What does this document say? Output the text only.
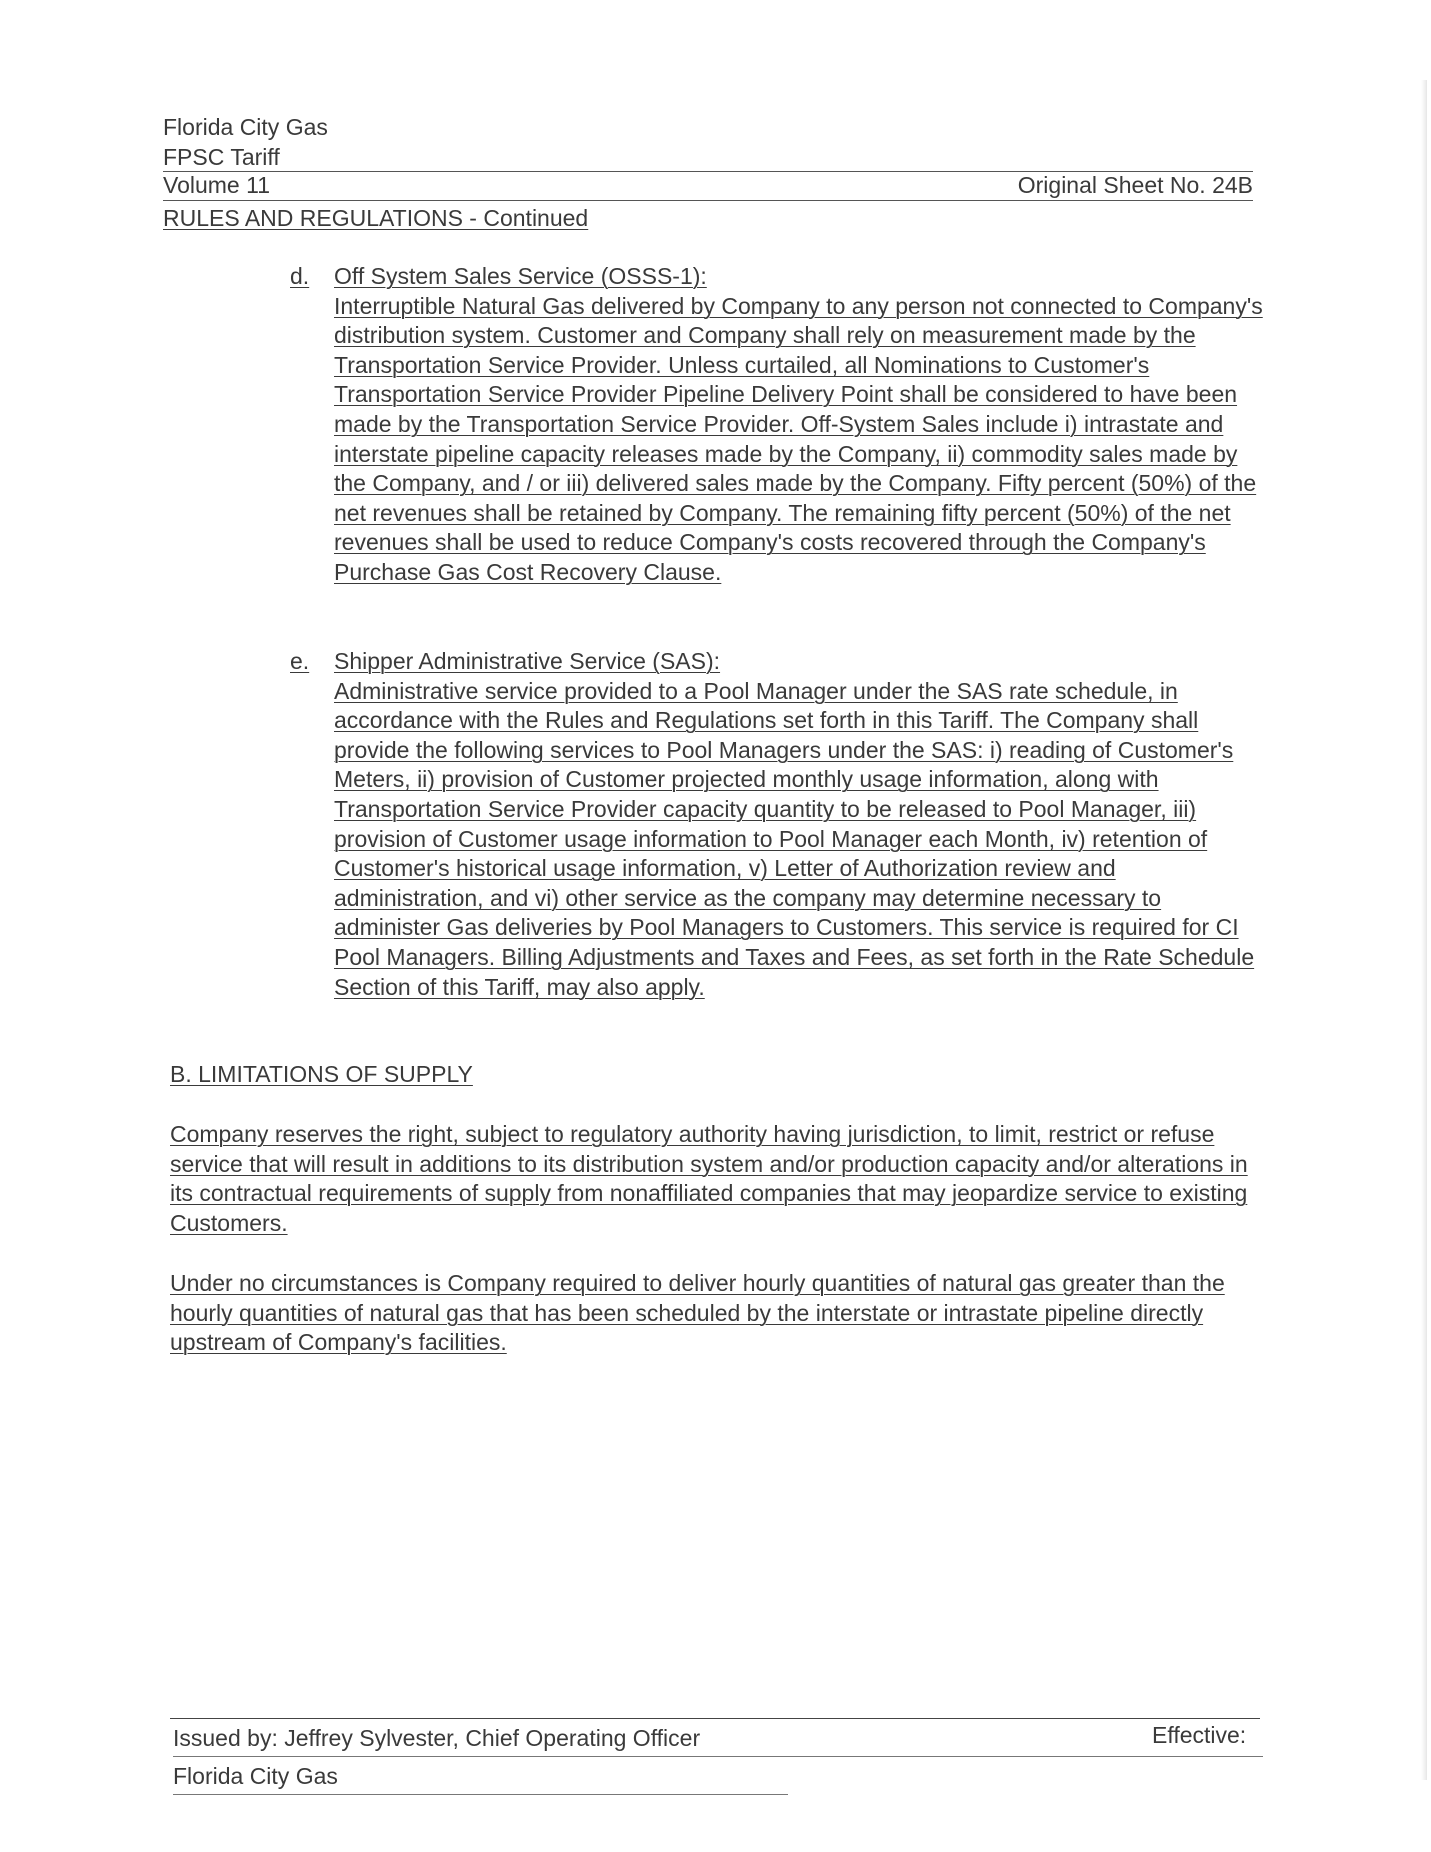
Florida City Gas
FPSC Tariff
Volume 11	Original Sheet No. 24B
RULES AND REGULATIONS - Continued
d. Off System Sales Service (OSSS-1):
Interruptible Natural Gas delivered by Company to any person not connected to Company's distribution system. Customer and Company shall rely on measurement made by the Transportation Service Provider. Unless curtailed, all Nominations to Customer's Transportation Service Provider Pipeline Delivery Point shall be considered to have been made by the Transportation Service Provider. Off-System Sales include i) intrastate and interstate pipeline capacity releases made by the Company, ii) commodity sales made by the Company, and / or iii) delivered sales made by the Company. Fifty percent (50%) of the net revenues shall be retained by Company. The remaining fifty percent (50%) of the net revenues shall be used to reduce Company's costs recovered through the Company's Purchase Gas Cost Recovery Clause.
e. Shipper Administrative Service (SAS):
Administrative service provided to a Pool Manager under the SAS rate schedule, in accordance with the Rules and Regulations set forth in this Tariff. The Company shall provide the following services to Pool Managers under the SAS: i) reading of Customer's Meters, ii) provision of Customer projected monthly usage information, along with Transportation Service Provider capacity quantity to be released to Pool Manager, iii) provision of Customer usage information to Pool Manager each Month, iv) retention of Customer's historical usage information, v) Letter of Authorization review and administration, and vi) other service as the company may determine necessary to administer Gas deliveries by Pool Managers to Customers. This service is required for CI Pool Managers. Billing Adjustments and Taxes and Fees, as set forth in the Rate Schedule Section of this Tariff, may also apply.
B. LIMITATIONS OF SUPPLY
Company reserves the right, subject to regulatory authority having jurisdiction, to limit, restrict or refuse service that will result in additions to its distribution system and/or production capacity and/or alterations in its contractual requirements of supply from nonaffiliated companies that may jeopardize service to existing Customers.
Under no circumstances is Company required to deliver hourly quantities of natural gas greater than the hourly quantities of natural gas that has been scheduled by the interstate or intrastate pipeline directly upstream of Company's facilities.
Issued by: Jeffrey Sylvester, Chief Operating Officer	Effective:
Florida City Gas
